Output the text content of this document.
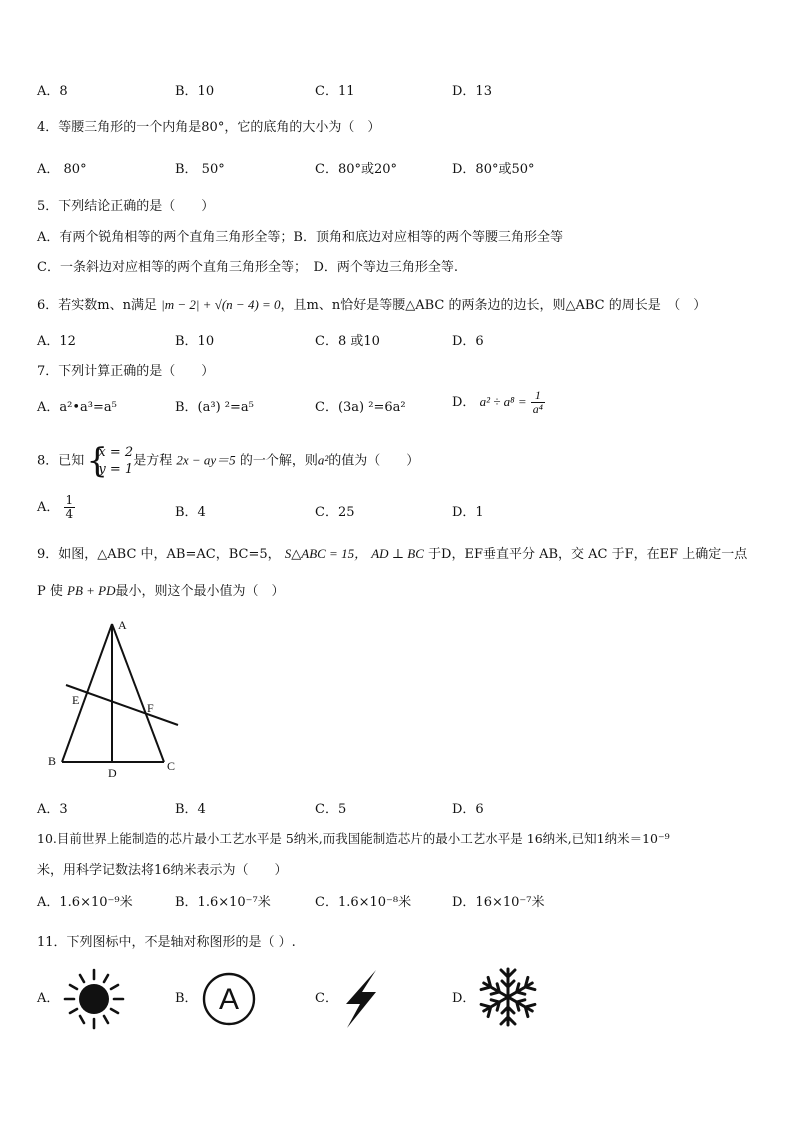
A．8	B．10	C．11	D．13
4．等腰三角形的一个内角是80°，它的底角的大小为（　）
A． 80°	B． 50°	C．80°或20°	D．80°或50°
5．下列结论正确的是（　　）
A．有两个锐角相等的两个直角三角形全等；B．顶角和底边对应相等的两个等腰三角形全等
C．一条斜边对应相等的两个直角三角形全等；　D．两个等边三角形全等.
6．若实数m、n满足 |m − 2| + √(n − 4) = 0，且m、n恰好是等腰△ABC 的两条边的边长，则△ABC 的周长是　（　）
A．12	B．10	C．8 或10	D．6
7．下列计算正确的是（　　）
A．a²•a³=a⁵	B．(a³) ²=a⁵	C．(3a) ²=6a²	D． $a^2 \div a^8 = \frac{1}{\text{a⁴}}$
8．已知 {
x = 2
y = 1
是方程 2x − ay＝5 的一个解，则a²的值为（　　）
A． $\frac{1}{4}$	B．4	C．25	D．1
9．如图，△ABC 中，AB=AC，BC=5， S△ABC = 15， AD ⊥ BC 于D，EF垂直平分 AB，交 AC 于F，在EF 上确定一点
P 使 PB + PD最小，则这个最小值为（　）
A
B	C
D
E
F
A．3	B．4	C．5	D．6
10.目前世界上能制造的芯片最小工艺水平是 5纳米,而我国能制造芯片的最小工艺水平是 16纳米,已知1纳米＝10⁻⁹
米，用科学记数法将16纳米表示为（　　）
A．1.6×10⁻⁹米	B．1.6×10⁻⁷米	C．1.6×10⁻⁸米	D．16×10⁻⁷米
11．下列图标中，不是轴对称图形的是（ ）.
A．	B． A	C．	D．
